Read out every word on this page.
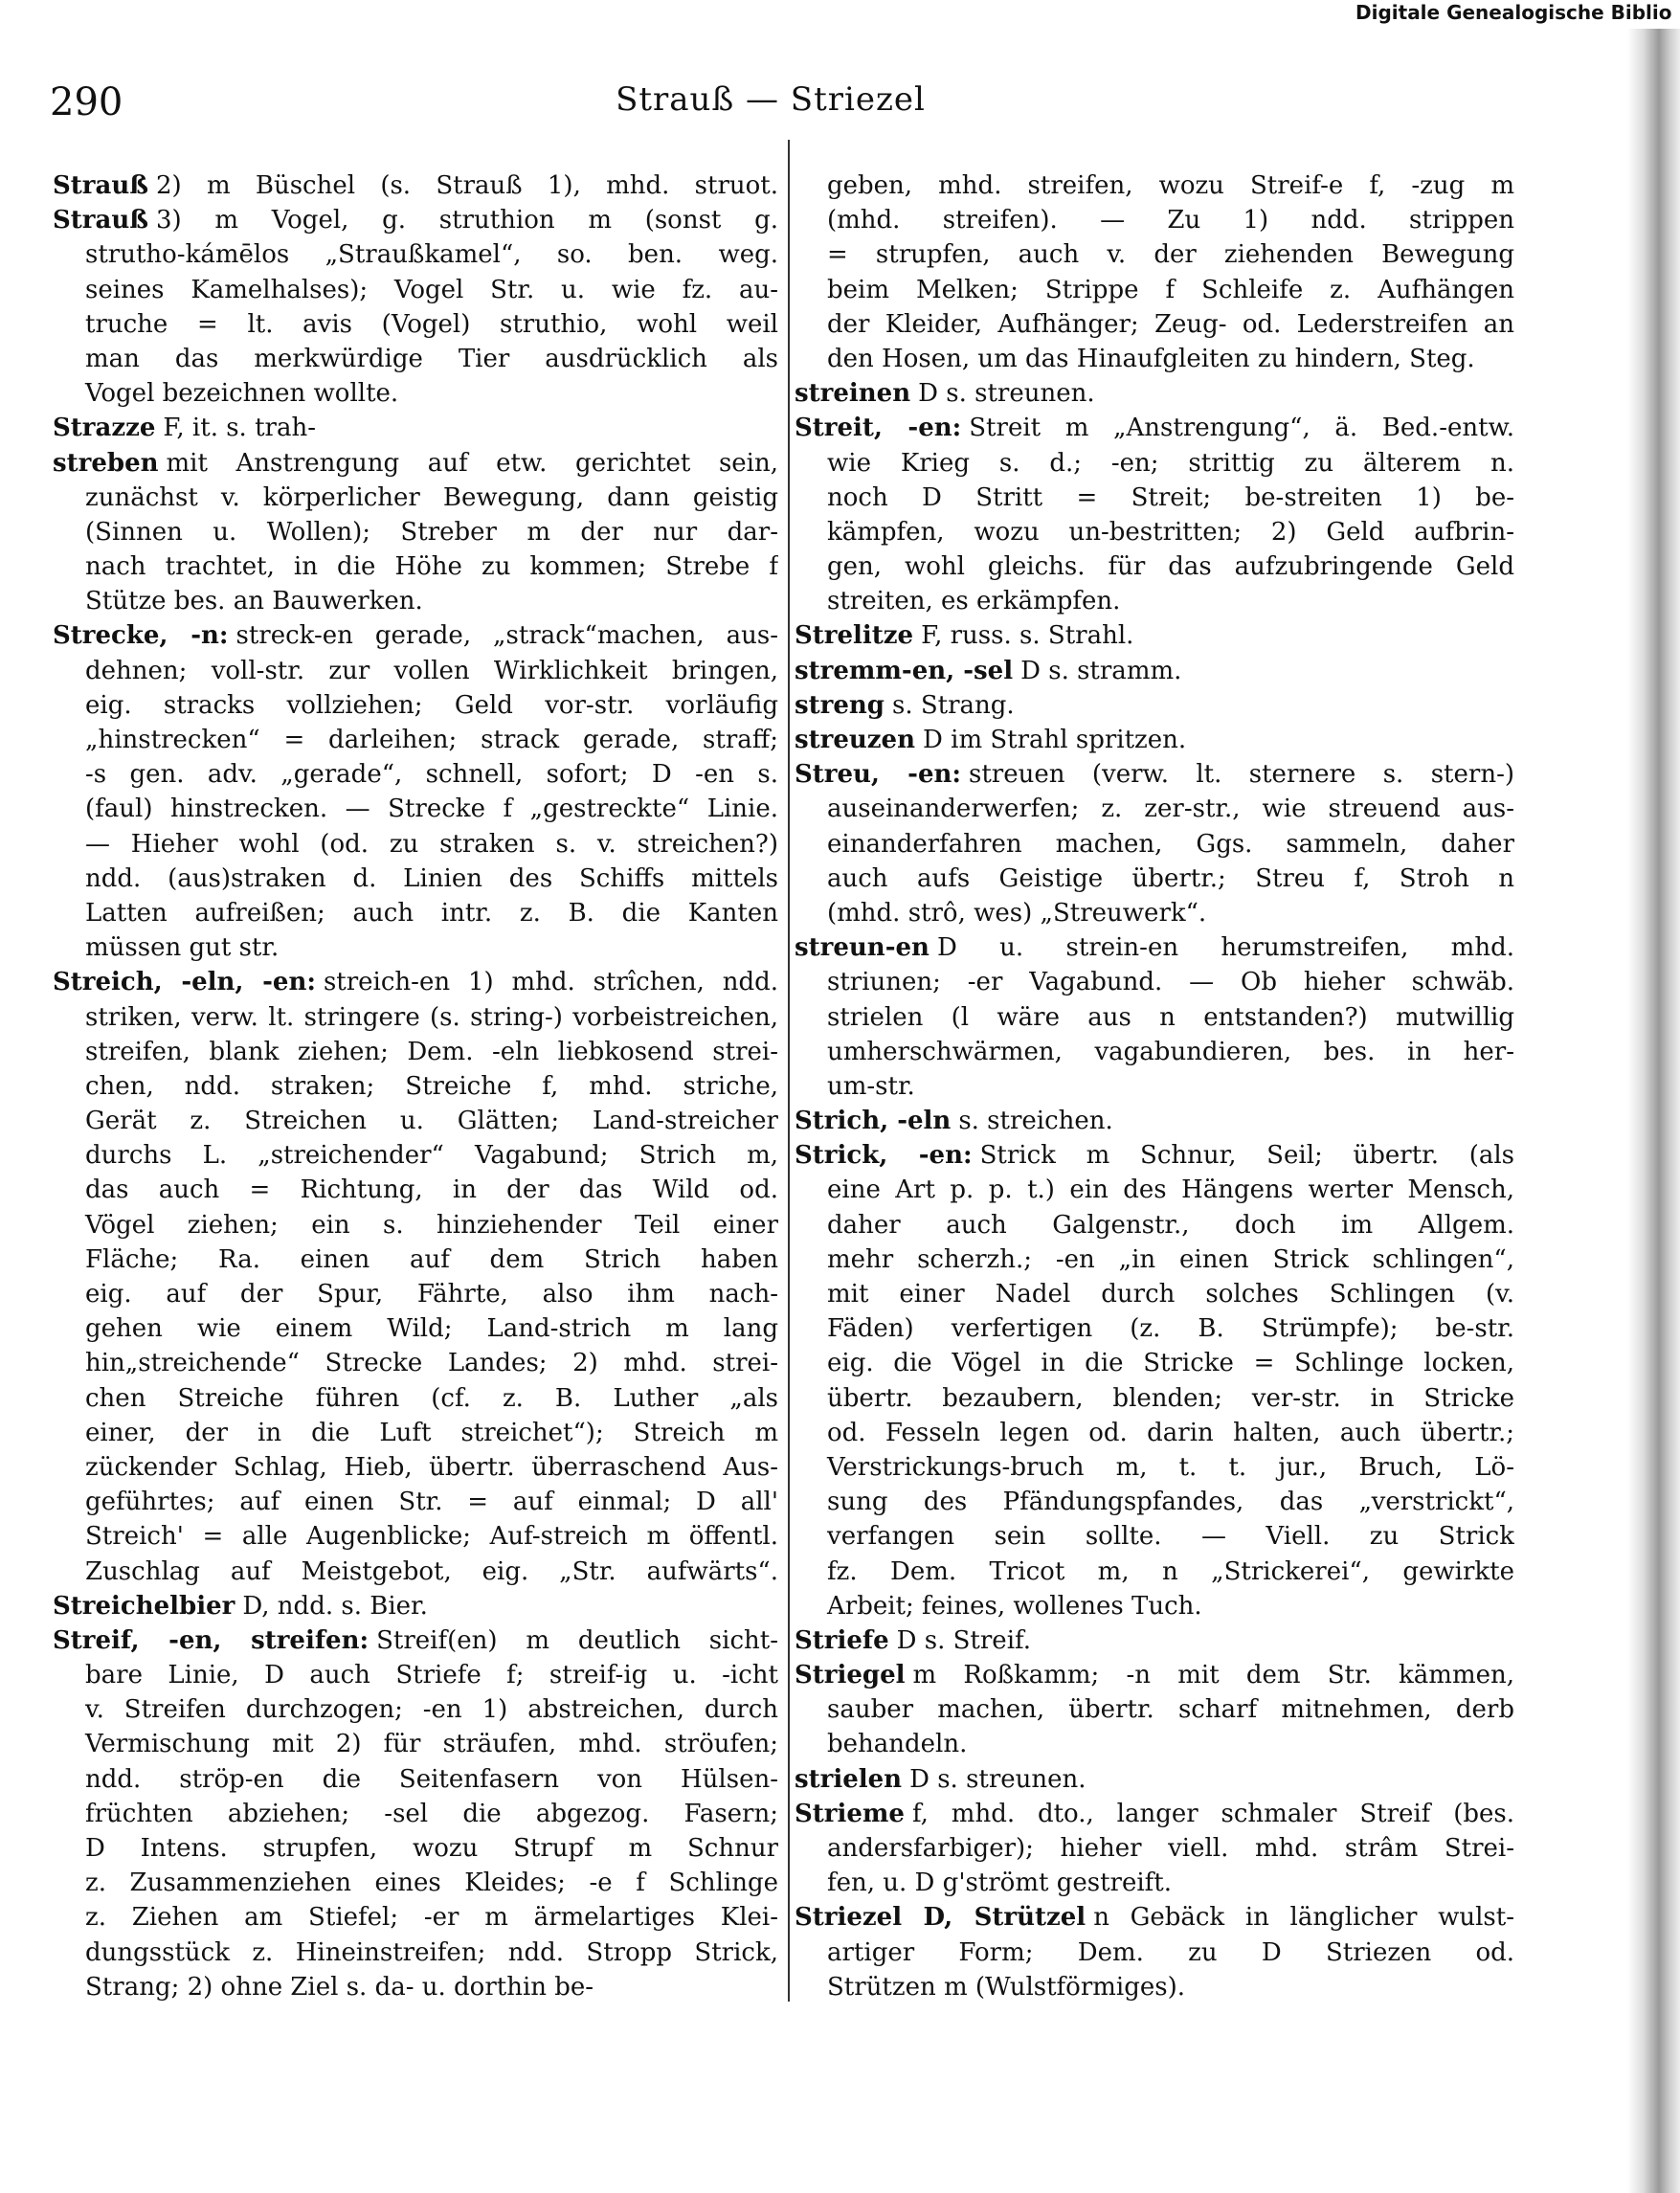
Digitale Genealogische Biblio
290	Strauß — Striezel
Strauß 2) m Büschel (s. Strauß 1), mhd. struot.
Strauß 3) m Vogel, g. struthion m (sonst g.
strutho-kámēlos „Straußkamel“, so. ben. weg.
seines Kamelhalses); Vogel Str. u. wie fz. au-
truche = lt. avis (Vogel) struthio, wohl weil
man das merkwürdige Tier ausdrücklich als
Vogel bezeichnen wollte.
Strazze F, it. s. trah-
streben mit Anstrengung auf etw. gerichtet sein,
zunächst v. körperlicher Bewegung, dann geistig
(Sinnen u. Wollen); Streber m der nur dar-
nach trachtet, in die Höhe zu kommen; Strebe f
Stütze bes. an Bauwerken.
Strecke, -n: streck-en gerade, „strack“machen, aus-
dehnen; voll-str. zur vollen Wirklichkeit bringen,
eig. stracks vollziehen; Geld vor-str. vorläufig
„hinstrecken“ = darleihen; strack gerade, straff;
-s gen. adv. „gerade“, schnell, sofort; D -en s.
(faul) hinstrecken. — Strecke f „gestreckte“ Linie.
— Hieher wohl (od. zu straken s. v. streichen?)
ndd. (aus)straken d. Linien des Schiffs mittels
Latten aufreißen; auch intr. z. B. die Kanten
müssen gut str.
Streich, -eln, -en: streich-en 1) mhd. strîchen, ndd.
striken, verw. lt. stringere (s. string-) vorbeistreichen,
streifen, blank ziehen; Dem. -eln liebkosend strei-
chen, ndd. straken; Streiche f, mhd. striche,
Gerät z. Streichen u. Glätten; Land-streicher
durchs L. „streichender“ Vagabund; Strich m,
das auch = Richtung, in der das Wild od.
Vögel ziehen; ein s. hinziehender Teil einer
Fläche; Ra. einen auf dem Strich haben
eig. auf der Spur, Fährte, also ihm nach-
gehen wie einem Wild; Land-strich m lang
hin„streichende“ Strecke Landes; 2) mhd. strei-
chen Streiche führen (cf. z. B. Luther „als
einer, der in die Luft streichet“); Streich m
zückender Schlag, Hieb, übertr. überraschend Aus-
geführtes; auf einen Str. = auf einmal; D all'
Streich' = alle Augenblicke; Auf-streich m öffentl.
Zuschlag auf Meistgebot, eig. „Str. aufwärts“.
Streichelbier D, ndd. s. Bier.
Streif, -en, streifen: Streif(en) m deutlich sicht-
bare Linie, D auch Striefe f; streif-ig u. -icht
v. Streifen durchzogen; -en 1) abstreichen, durch
Vermischung mit 2) für sträufen, mhd. ströufen;
ndd. ströp-en die Seitenfasern von Hülsen-
früchten abziehen; -sel die abgezog. Fasern;
D Intens. strupfen, wozu Strupf m Schnur
z. Zusammenziehen eines Kleides; -e f Schlinge
z. Ziehen am Stiefel; -er m ärmelartiges Klei-
dungsstück z. Hineinstreifen; ndd. Stropp Strick,
Strang; 2) ohne Ziel s. da- u. dorthin be-
geben, mhd. streifen, wozu Streif-e f, -zug m
(mhd. streifen). — Zu 1) ndd. strippen
= strupfen, auch v. der ziehenden Bewegung
beim Melken; Strippe f Schleife z. Aufhängen
der Kleider, Aufhänger; Zeug- od. Lederstreifen an
den Hosen, um das Hinaufgleiten zu hindern, Steg.
streinen D s. streunen.
Streit, -en: Streit m „Anstrengung“, ä. Bed.-entw.
wie Krieg s. d.; -en; strittig zu älterem n.
noch D Stritt = Streit; be-streiten 1) be-
kämpfen, wozu un-bestritten; 2) Geld aufbrin-
gen, wohl gleichs. für das aufzubringende Geld
streiten, es erkämpfen.
Strelitze F, russ. s. Strahl.
stremm-en, -sel D s. stramm.
streng s. Strang.
streuzen D im Strahl spritzen.
Streu, -en: streuen (verw. lt. sternere s. stern-)
auseinanderwerfen; z. zer-str., wie streuend aus-
einanderfahren machen, Ggs. sammeln, daher
auch aufs Geistige übertr.; Streu f, Stroh n
(mhd. strô, wes) „Streuwerk“.
streun-en D u. strein-en herumstreifen, mhd.
striunen; -er Vagabund. — Ob hieher schwäb.
strielen (l wäre aus n entstanden?) mutwillig
umherschwärmen, vagabundieren, bes. in her-
um-str.
Strich, -eln s. streichen.
Strick, -en: Strick m Schnur, Seil; übertr. (als
eine Art p. p. t.) ein des Hängens werter Mensch,
daher auch Galgenstr., doch im Allgem.
mehr scherzh.; -en „in einen Strick schlingen“,
mit einer Nadel durch solches Schlingen (v.
Fäden) verfertigen (z. B. Strümpfe); be-str.
eig. die Vögel in die Stricke = Schlinge locken,
übertr. bezaubern, blenden; ver-str. in Stricke
od. Fesseln legen od. darin halten, auch übertr.;
Verstrickungs-bruch m, t. t. jur., Bruch, Lö-
sung des Pfändungspfandes, das „verstrickt“,
verfangen sein sollte. — Viell. zu Strick
fz. Dem. Tricot m, n „Strickerei“, gewirkte
Arbeit; feines, wollenes Tuch.
Striefe D s. Streif.
Striegel m Roßkamm; -n mit dem Str. kämmen,
sauber machen, übertr. scharf mitnehmen, derb
behandeln.
strielen D s. streunen.
Strieme f, mhd. dto., langer schmaler Streif (bes.
andersfarbiger); hieher viell. mhd. strâm Strei-
fen, u. D g'strömt gestreift.
Striezel D, Strützel n Gebäck in länglicher wulst-
artiger Form; Dem. zu D Striezen od.
Strützen m (Wulstförmiges).
